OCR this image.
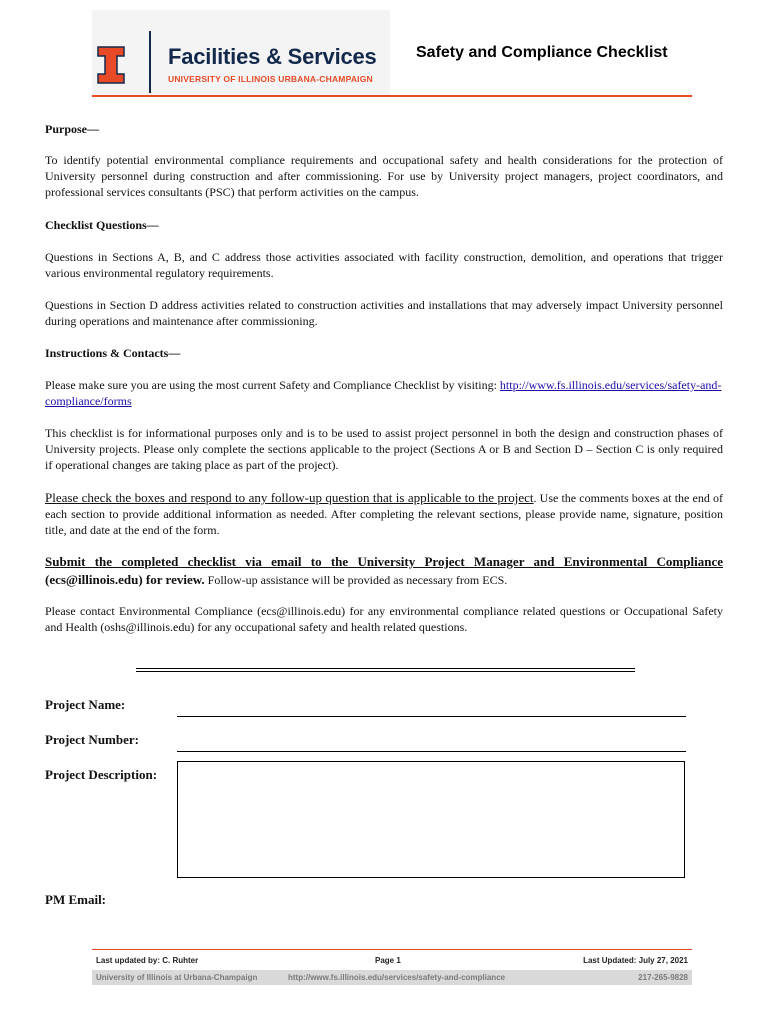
Facilities & Services
UNIVERSITY OF ILLINOIS URBANA-CHAMPAIGN
Safety and Compliance Checklist
Purpose—
To identify potential environmental compliance requirements and occupational safety and health considerations for the protection of University personnel during construction and after commissioning. For use by University project managers, project coordinators, and professional services consultants (PSC) that perform activities on the campus.
Checklist Questions—
Questions in Sections A, B, and C address those activities associated with facility construction, demolition, and operations that trigger various environmental regulatory requirements.
Questions in Section D address activities related to construction activities and installations that may adversely impact University personnel during operations and maintenance after commissioning.
Instructions & Contacts—
Please make sure you are using the most current Safety and Compliance Checklist by visiting: http://www.fs.illinois.edu/services/safety-and-compliance/forms
This checklist is for informational purposes only and is to be used to assist project personnel in both the design and construction phases of University projects. Please only complete the sections applicable to the project (Sections A or B and Section D – Section C is only required if operational changes are taking place as part of the project).
Please check the boxes and respond to any follow-up question that is applicable to the project. Use the comments boxes at the end of each section to provide additional information as needed. After completing the relevant sections, please provide name, signature, position title, and date at the end of the form.
Submit the completed checklist via email to the University Project Manager and Environmental Compliance (ecs@illinois.edu) for review. Follow-up assistance will be provided as necessary from ECS.
Please contact Environmental Compliance (ecs@illinois.edu) for any environmental compliance related questions or Occupational Safety and Health (oshs@illinois.edu) for any occupational safety and health related questions.
Project Name:
Project Number:
Project Description:
PM Email:
Last updated by: C. Ruhter	Page 1	Last Updated: July 27, 2021
University of Illinois at Urbana-Champaign	http://www.fs.illinois.edu/services/safety-and-compliance	217-265-9828
